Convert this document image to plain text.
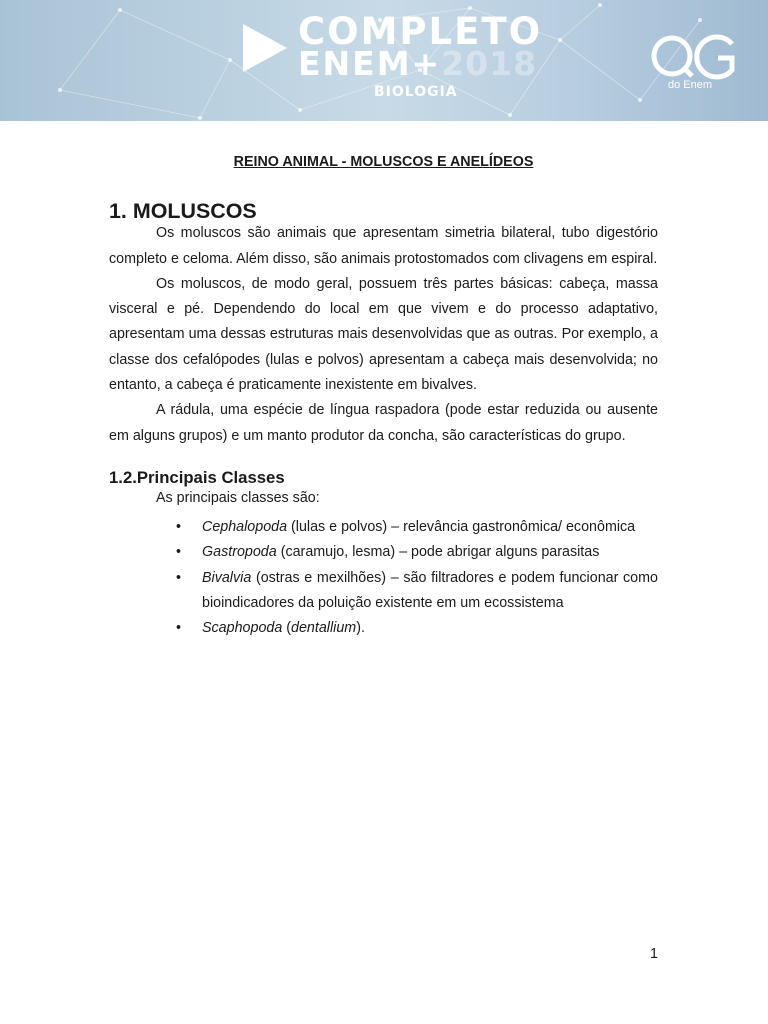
COMPLETO
ENEM+2018
BIOLOGIA	do Enem
REINO ANIMAL - MOLUSCOS E ANELÍDEOS
1. MOLUSCOS

Os moluscos são animais que apresentam simetria bilateral, tubo digestório completo e celoma. Além disso, são animais protostomados com clivagens em espiral.

Os moluscos, de modo geral, possuem três partes básicas: cabeça, massa visceral e pé. Dependendo do local em que vivem e do processo adaptativo, apresentam uma dessas estruturas mais desenvolvidas que as outras. Por exemplo, a classe dos cefalópodes (lulas e polvos) apresentam a cabeça mais desenvolvida; no entanto, a cabeça é praticamente inexistente em bivalves.

A rádula, uma espécie de língua raspadora (pode estar reduzida ou ausente em alguns grupos) e um manto produtor da concha, são características do grupo.

1.2.Principais Classes

As principais classes são:

• Cephalopoda (lulas e polvos) – relevância gastronômica/ econômica
• Gastropoda (caramujo, lesma) – pode abrigar alguns parasitas
• Bivalvia (ostras e mexilhões) – são filtradores e podem funcionar como bioindicadores da poluição existente em um ecossistema
• Scaphopoda (dentallium).
1
